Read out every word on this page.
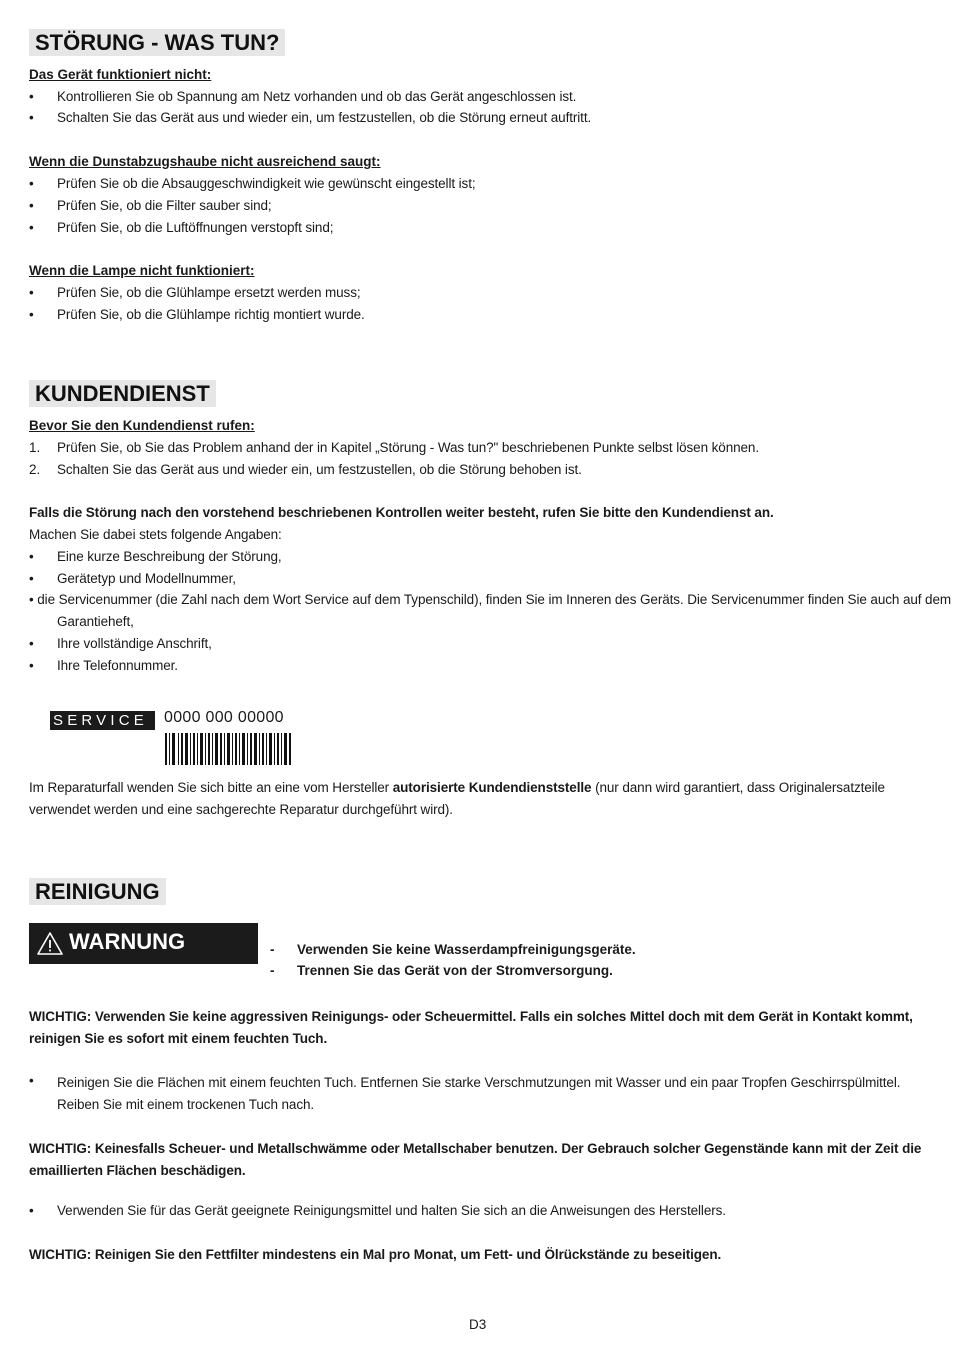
STÖRUNG - WAS TUN?
Das Gerät funktioniert nicht:
• Kontrollieren Sie ob Spannung am Netz vorhanden und ob das Gerät angeschlossen ist.
• Schalten Sie das Gerät aus und wieder ein, um festzustellen, ob die Störung erneut auftritt.
Wenn die Dunstabzugshaube nicht ausreichend saugt:
• Prüfen Sie ob die Absauggeschwindigkeit wie gewünscht eingestellt ist;
• Prüfen Sie, ob die Filter sauber sind;
• Prüfen Sie, ob die Luftöffnungen verstopft sind;
Wenn die Lampe nicht funktioniert:
• Prüfen Sie, ob die Glühlampe ersetzt werden muss;
• Prüfen Sie, ob die Glühlampe richtig montiert wurde.
KUNDENDIENST
Bevor Sie den Kundendienst rufen:
1. Prüfen Sie, ob Sie das Problem anhand der in Kapitel „Störung - Was tun?" beschriebenen Punkte selbst lösen können.
2. Schalten Sie das Gerät aus und wieder ein, um festzustellen, ob die Störung behoben ist.
Falls die Störung nach den vorstehend beschriebenen Kontrollen weiter besteht, rufen Sie bitte den Kundendienst an.
Machen Sie dabei stets folgende Angaben:
• Eine kurze Beschreibung der Störung,
• Gerätetyp und Modellnummer,
• die Servicenummer (die Zahl nach dem Wort Service auf dem Typenschild), finden Sie im Inneren des Geräts. Die Servicenummer finden Sie auch auf dem
Garantieheft,
• Ihre vollständige Anschrift,
• Ihre Telefonnummer.
SERVICE	0000 000 00000
Im Reparaturfall wenden Sie sich bitte an eine vom Hersteller autorisierte Kundendienststelle (nur dann wird garantiert, dass Originalersatzteile verwendet werden und eine sachgerechte Reparatur durchgeführt wird).
REINIGUNG
WARNUNG	- Verwenden Sie keine Wasserdampfreinigungsgeräte.
- Trennen Sie das Gerät von der Stromversorgung.
WICHTIG: Verwenden Sie keine aggressiven Reinigungs- oder Scheuermittel. Falls ein solches Mittel doch mit dem Gerät in Kontakt kommt, reinigen Sie es sofort mit einem feuchten Tuch.
• Reinigen Sie die Flächen mit einem feuchten Tuch. Entfernen Sie starke Verschmutzungen mit Wasser und ein paar Tropfen Geschirrspülmittel. Reiben Sie mit einem trockenen Tuch nach.
WICHTIG: Keinesfalls Scheuer- und Metallschwämme oder Metallschaber benutzen. Der Gebrauch solcher Gegenstände kann mit der Zeit die emaillierten Flächen beschädigen.
• Verwenden Sie für das Gerät geeignete Reinigungsmittel und halten Sie sich an die Anweisungen des Herstellers.
WICHTIG: Reinigen Sie den Fettfilter mindestens ein Mal pro Monat, um Fett- und Ölrückstände zu beseitigen.
D3
